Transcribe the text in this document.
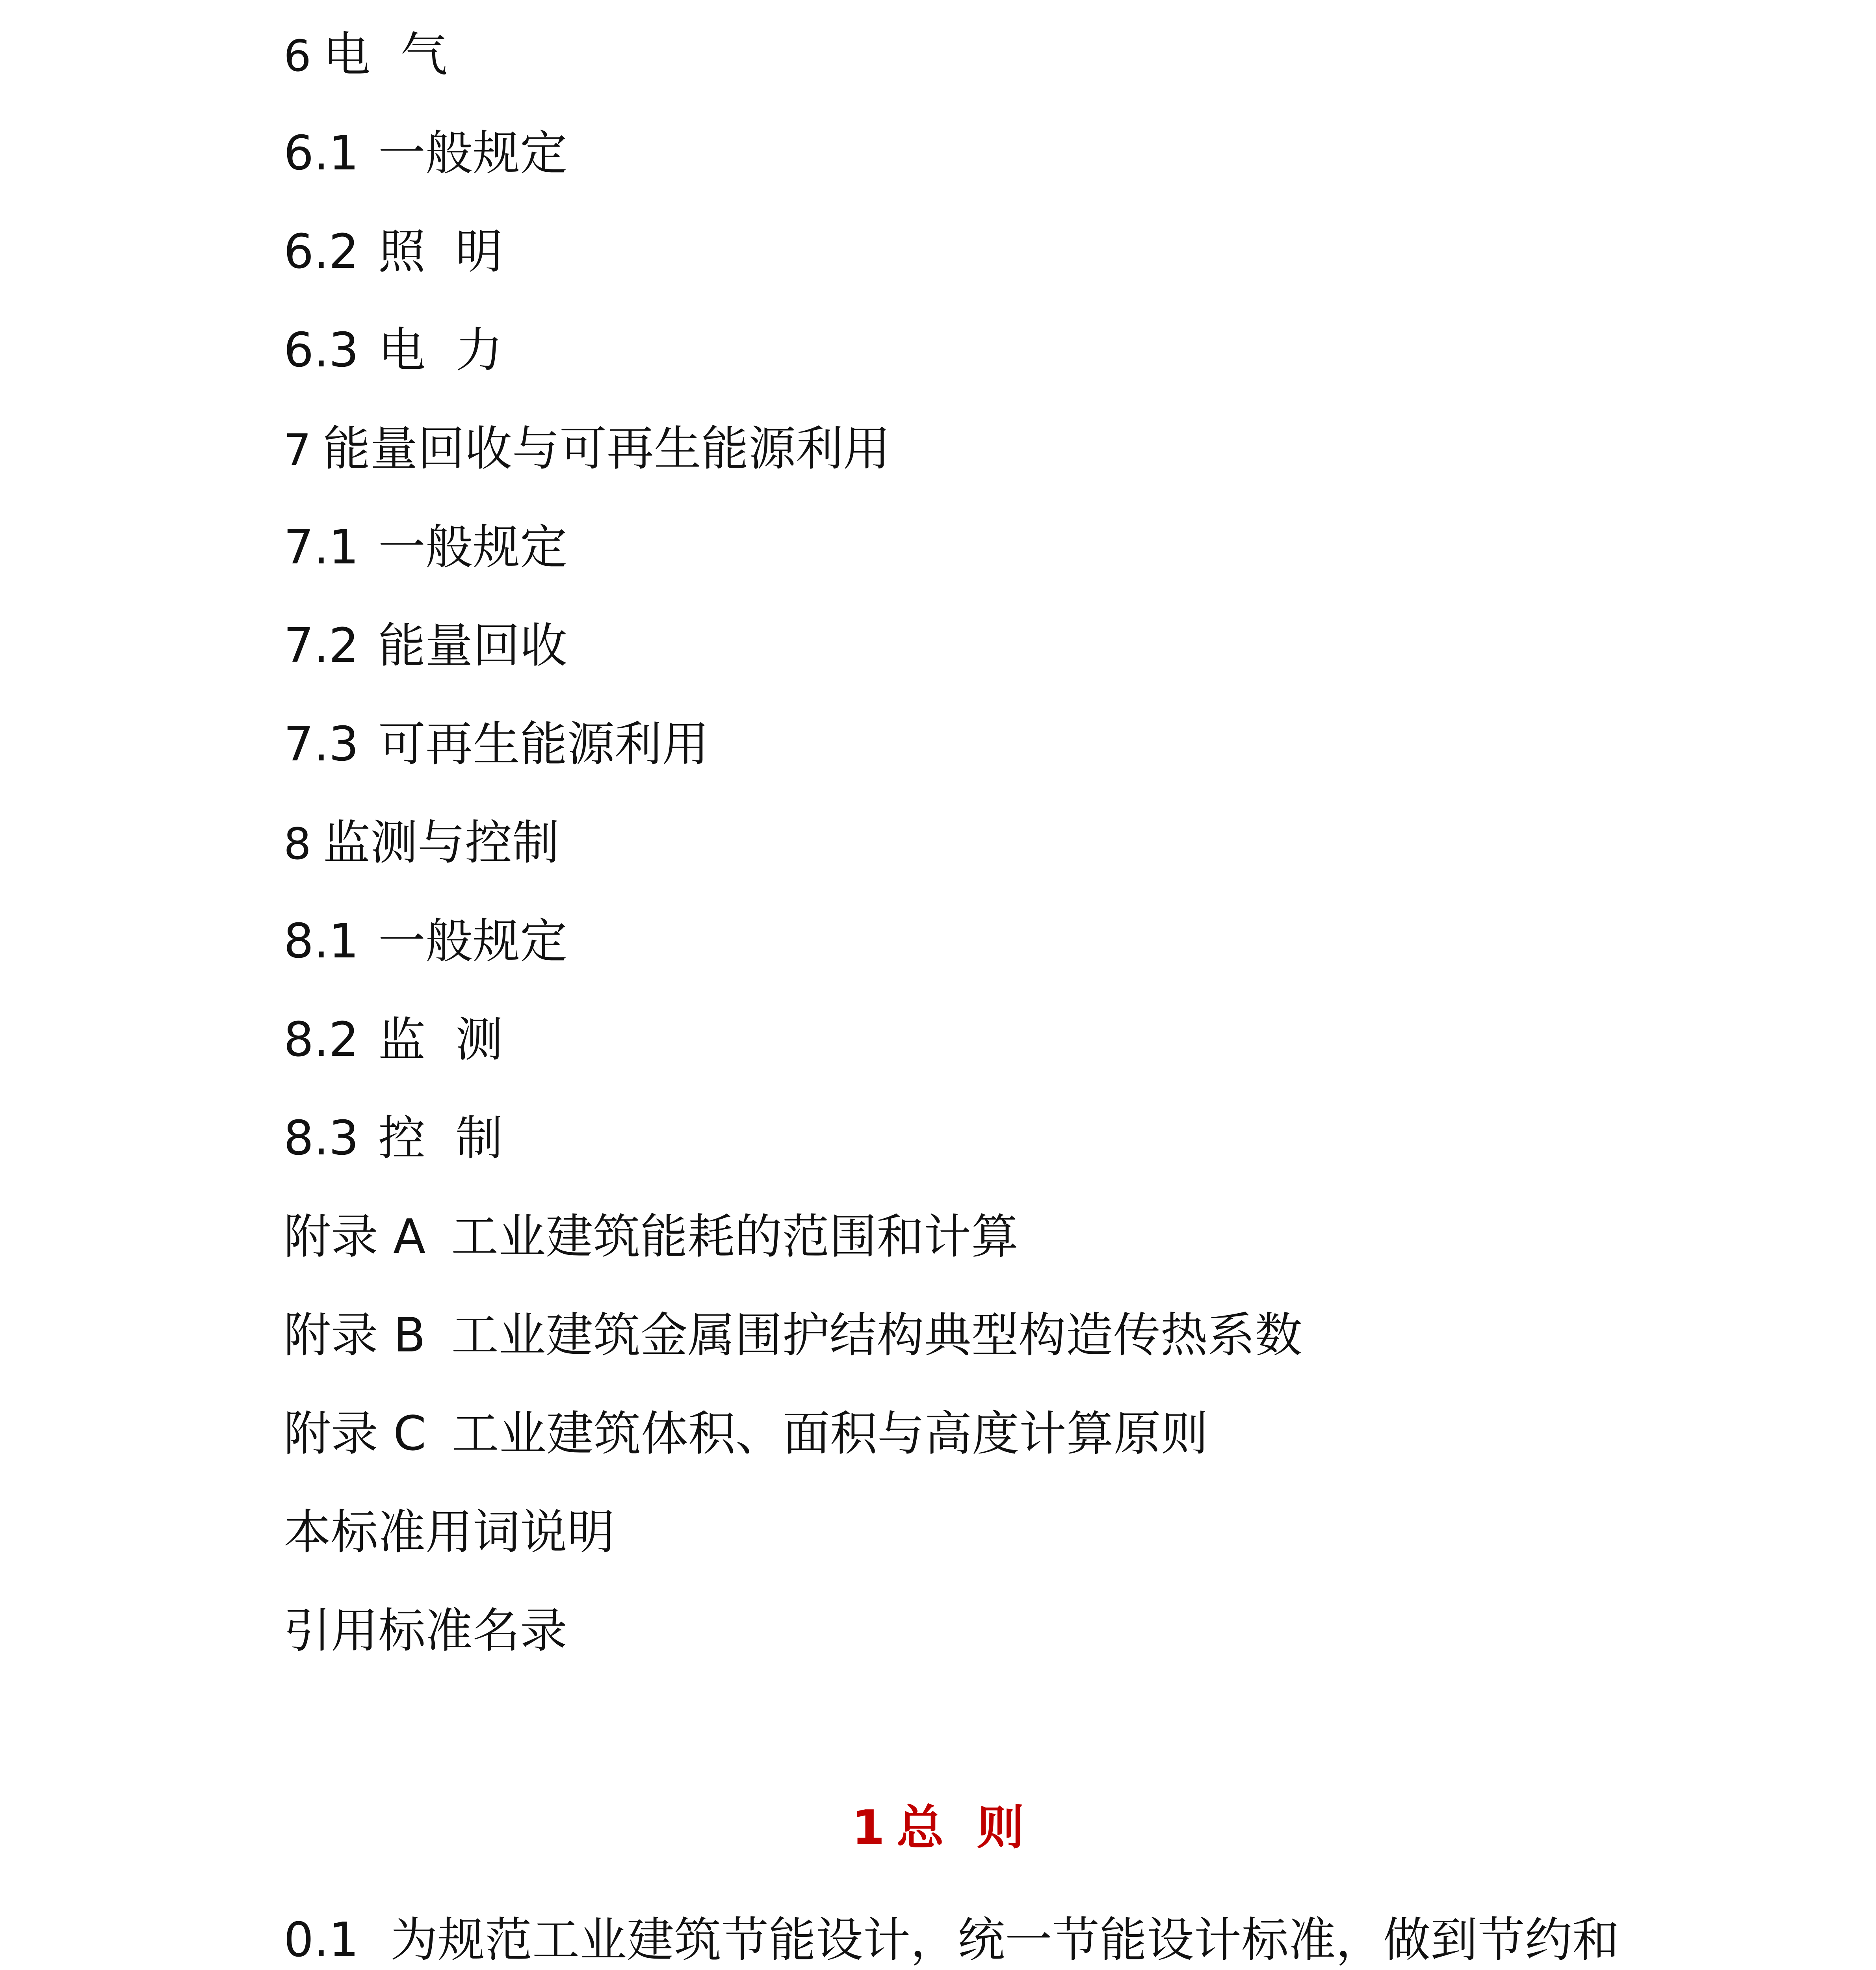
6 电  气
6.1 一般规定
6.2 照  明
6.3 电  力
7 能量回收与可再生能源利用
7.1 一般规定
7.2 能量回收
7.3 可再生能源利用
8 监测与控制
8.1 一般规定
8.2 监  测
8.3 控  制
附录 A 工业建筑能耗的范围和计算
附录 B 工业建筑金属围护结构典型构造传热系数
附录 C 工业建筑体积、面积与高度计算原则
本标准用词说明
引用标准名录
1 总  则

0.1 为规范工业建筑节能设计，统一节能设计标准，做到节约和
